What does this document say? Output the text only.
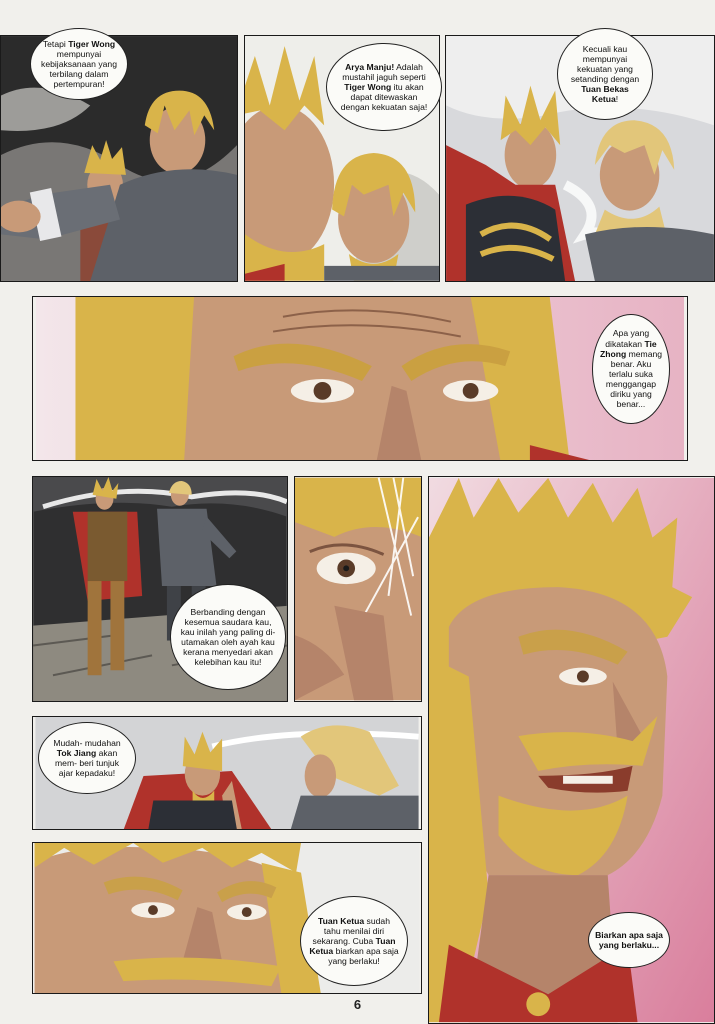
Tetapi Tiger Wong mempunyai kebijaksanaan yang terbilang dalam pertempuran!
Arya Manju! Adalah mustahil jaguh seperti Tiger Wong itu akan dapat ditewaskan dengan kekuatan saja!
Kecuali kau mempunyai kekuatan yang setanding dengan Tuan Bekas Ketua!
Apa yang dikatakan Tie Zhong memang benar. Aku terlalu suka menggangap diriku yang benar...
Berbanding dengan kesemua saudara kau, kau inilah yang paling di- utamakan oleh ayah kau kerana menyedari akan kelebihan kau itu!
Biarkan apa saja yang berlaku...
Mudah- mudahan Tok Jiang akan mem- beri tunjuk ajar kepadaku!
Tuan Ketua sudah tahu menilai diri sekarang. Cuba Tuan Ketua biarkan apa saja yang berlaku!
6
